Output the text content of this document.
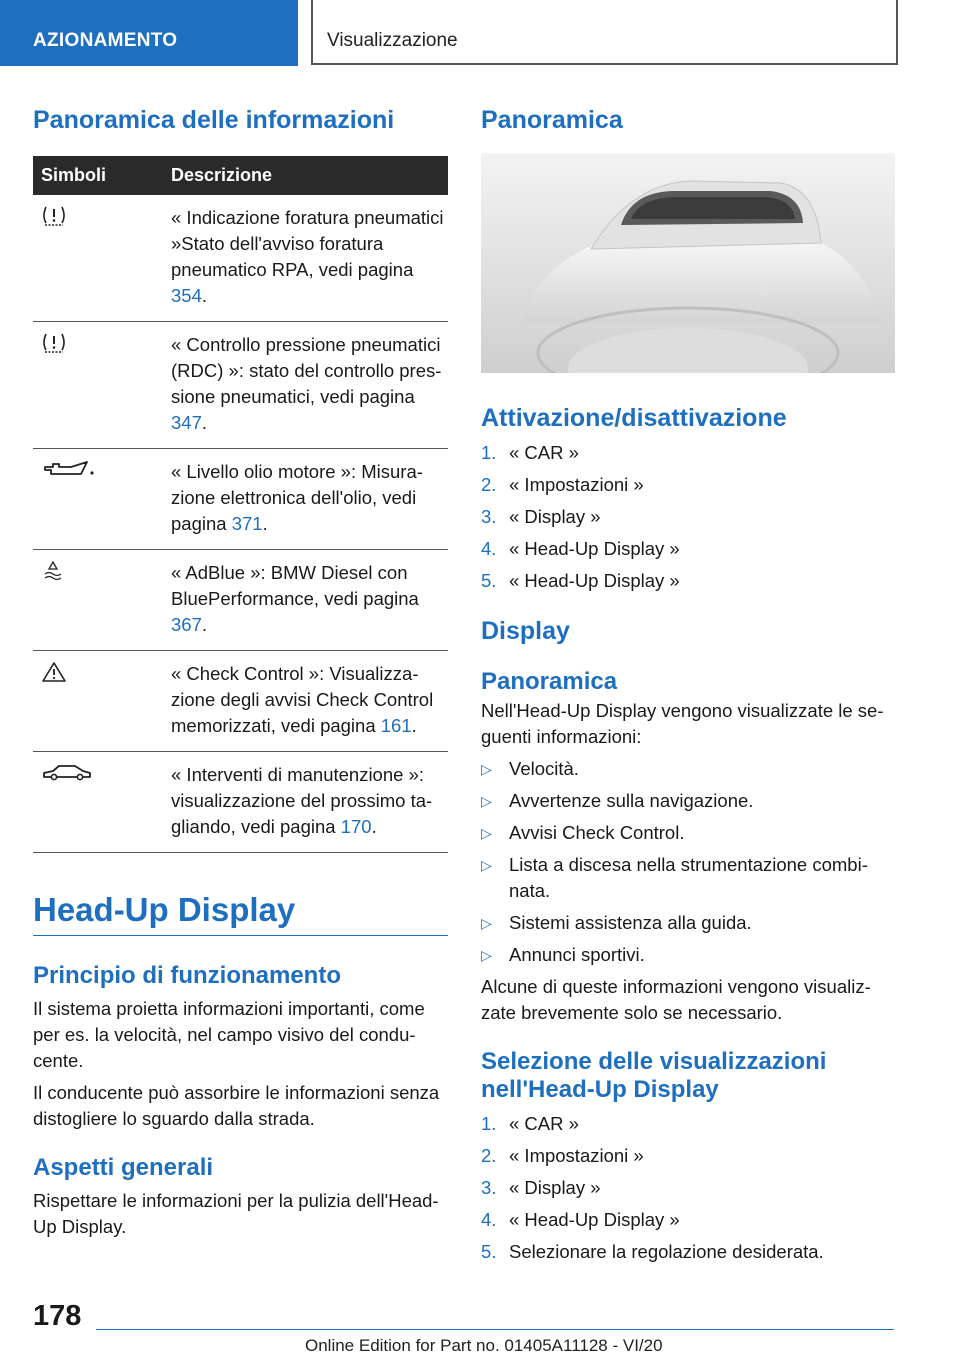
AZIONAMENTO	Visualizzazione
Panoramica delle informazioni
Simboli	Descrizione
	« Indicazione foratura pneumatici »Stato dell'avviso foratura pneumatico RPA, vedi pagina 354.
	« Controllo pressione pneumatici (RDC) »: stato del controllo pressione pneumatici, vedi pagina 347.
	« Livello olio motore »: Misurazione elettronica dell'olio, vedi pagina 371.
	« AdBlue »: BMW Diesel con BluePerformance, vedi pagina 367.
	« Check Control »: Visualizzazione degli avvisi Check Control memorizzati, vedi pagina 161.
	« Interventi di manutenzione »: visualizzazione del prossimo tagliando, vedi pagina 170.
Head-Up Display
Principio di funzionamento

Il sistema proietta informazioni importanti, come per es. la velocità, nel campo visivo del conducente.

Il conducente può assorbire le informazioni senza distogliere lo sguardo dalla strada.

Aspetti generali

Rispettare le informazioni per la pulizia dell'Head-Up Display.

Panoramica
Attivazione/disattivazione
1. « CAR »
2. « Impostazioni »
3. « Display »
4. « Head-Up Display »
5. « Head-Up Display »
Display
Panoramica

Nell'Head-Up Display vengono visualizzate le seguenti informazioni:

▷ Velocità.
▷ Avvertenze sulla navigazione.
▷ Avvisi Check Control.
▷ Lista a discesa nella strumentazione combinata.
▷ Sistemi assistenza alla guida.
▷ Annunci sportivi.

Alcune di queste informazioni vengono visualizzate brevemente solo se necessario.

Selezione delle visualizzazioni nell'Head-Up Display
1. « CAR »
2. « Impostazioni »
3. « Display »
4. « Head-Up Display »
5. Selezionare la regolazione desiderata.
178
Online Edition for Part no. 01405A11128 - VI/20
